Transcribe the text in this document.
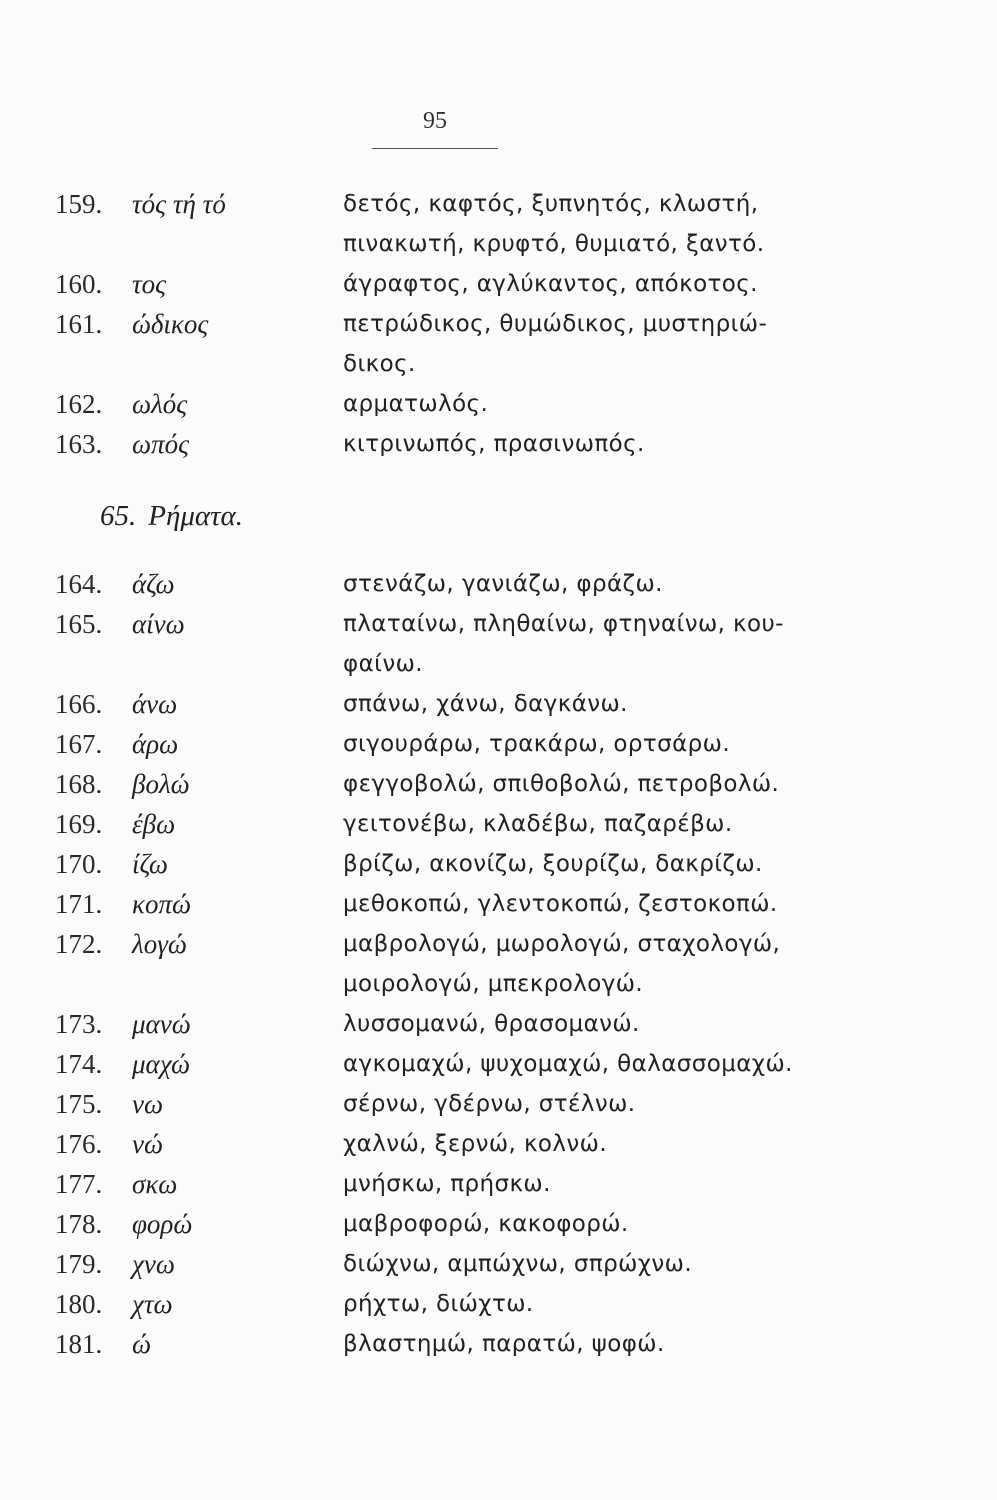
95
159.	τός τή τό	δετός, καφτός, ξυπνητός, κλωστή,
πινακωτή, κρυφτό, θυμιατό, ξαντό.
160.	τος	άγραφτος, αγλύκαντος, απόκοτος.
161.	ώδικος	πετρώδικος, θυμώδικος, μυστηριώ-
δικος.
162.	ωλός	αρματωλός.
163.	ωπός	κιτρινωπός, πρασινωπός.
65. Ρήματα.
164.	άζω	στενάζω, γανιάζω, φράζω.
165.	αίνω	πλαταίνω, πληθαίνω, φτηναίνω, κου-
φαίνω.
166.	άνω	σπάνω, χάνω, δαγκάνω.
167.	άρω	σιγουράρω, τρακάρω, ορτσάρω.
168.	βολώ	φεγγοβολώ, σπιθοβολώ, πετροβολώ.
169.	έβω	γειτονέβω, κλαδέβω, παζαρέβω.
170.	ίζω	βρίζω, ακονίζω, ξουρίζω, δακρίζω.
171.	κοπώ	μεθοκοπώ, γλεντοκοπώ, ζεστοκοπώ.
172.	λογώ	μαβρολογώ, μωρολογώ, σταχολογώ,
μοιρολογώ, μπεκρολογώ.
173.	μανώ	λυσσομανώ, θρασομανώ.
174.	μαχώ	αγκομαχώ, ψυχομαχώ, θαλασσομαχώ.
175.	νω	σέρνω, γδέρνω, στέλνω.
176.	νώ	χαλνώ, ξερνώ, κολνώ.
177.	σκω	μνήσκω, πρήσκω.
178.	φορώ	μαβροφορώ, κακοφορώ.
179.	χνω	διώχνω, αμπώχνω, σπρώχνω.
180.	χτω	ρήχτω, διώχτω.
181.	ώ	βλαστημώ, παρατώ, ψοφώ.
